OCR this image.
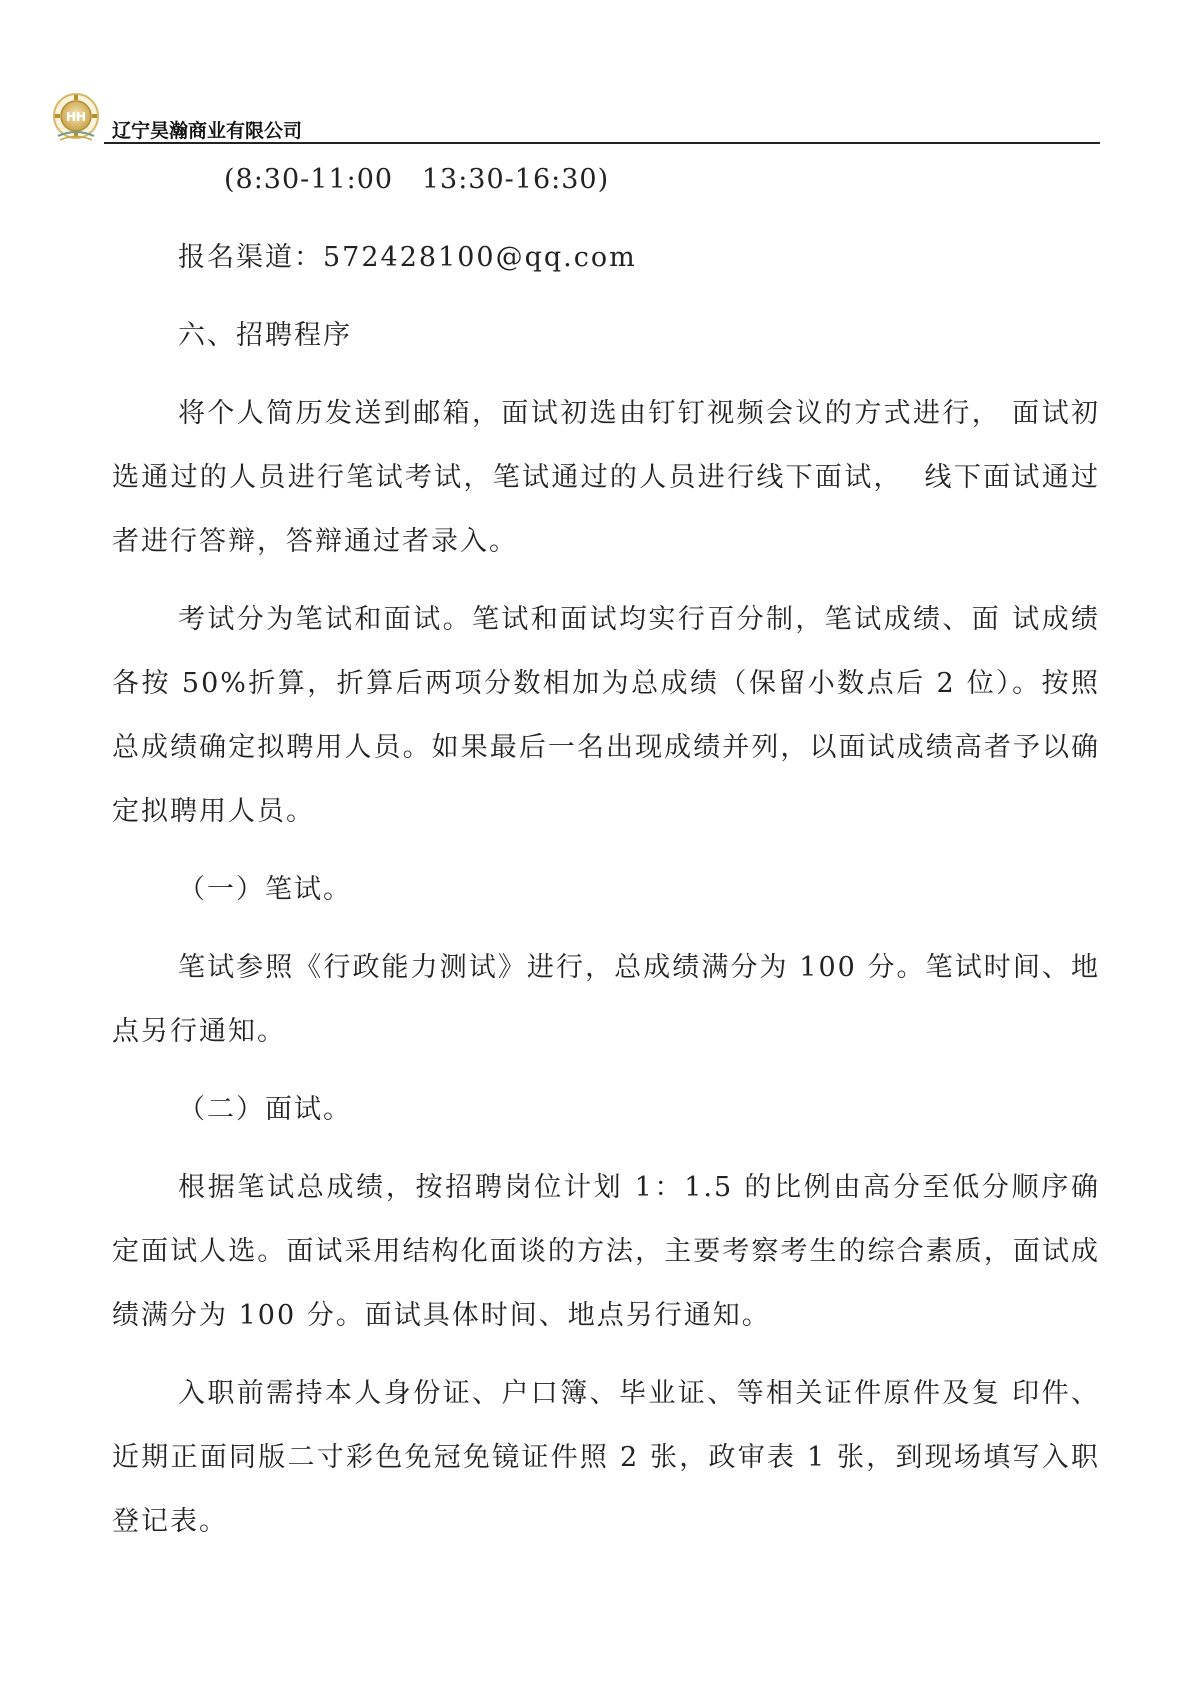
HH
辽宁昊瀚商业有限公司

(8:30-11:00   13:30-16:30)

报名渠道：572428100@qq.com

六、招聘程序

将个人简历发送到邮箱，面试初选由钉钉视频会议的方式进行， 面试初选通过的人员进行笔试考试，笔试通过的人员进行线下面试，  线下面试通过者进行答辩，答辩通过者录入。

考试分为笔试和面试。笔试和面试均实行百分制，笔试成绩、面 试成绩各按 50%折算，折算后两项分数相加为总成绩（保留小数点后 2 位）。按照总成绩确定拟聘用人员。如果最后一名出现成绩并列，以面试成绩高者予以确定拟聘用人员。

（一）笔试。

笔试参照《行政能力测试》进行，总成绩满分为 100 分。笔试时间、地点另行通知。

（二）面试。

根据笔试总成绩，按招聘岗位计划 1：1.5 的比例由高分至低分顺序确定面试人选。面试采用结构化面谈的方法，主要考察考生的综合素质，面试成绩满分为 100 分。面试具体时间、地点另行通知。

入职前需持本人身份证、户口簿、毕业证、等相关证件原件及复 印件、近期正面同版二寸彩色免冠免镜证件照 2 张，政审表 1 张，到现场填写入职登记表。
